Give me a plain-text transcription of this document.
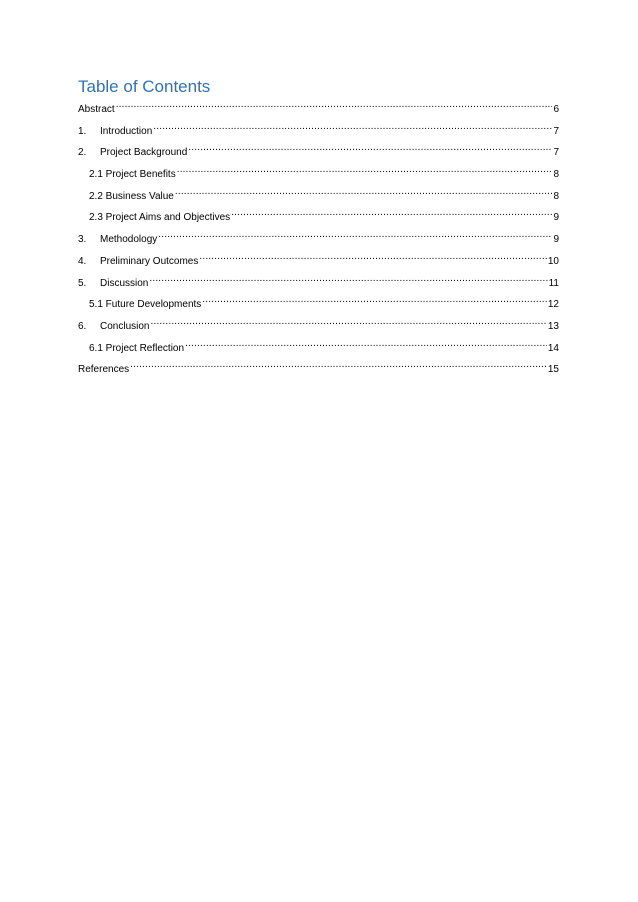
Table of Contents
Abstract .....	6
1.	Introduction .....	7
2.	Project Background .....	7
2.1 Project Benefits .....	8
2.2 Business Value .....	8
2.3 Project Aims and Objectives .....	9
3.	Methodology .....	9
4.	Preliminary Outcomes .....	10
5.	Discussion .....	11
5.1 Future Developments .....	12
6.	Conclusion .....	13
6.1 Project Reflection .....	14
References .....	15
